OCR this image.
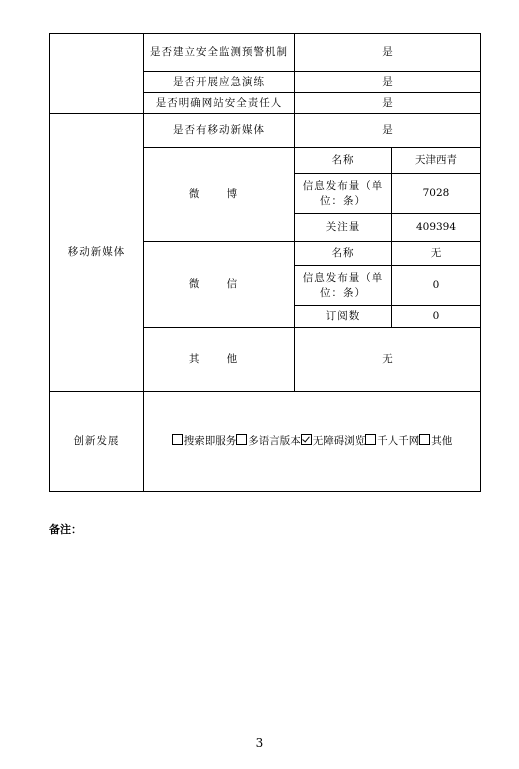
	是否建立安全监测预警机制	是	
	是否开展应急演练	是	
	是否明确网站安全责任人	是	
移动新媒体	是否有移动新媒体	是	
	微 博	名称	天津西青
		信息发布量（单位：条）	7028
		关注量	409394
	微 信	名称	无
		信息发布量（单位：条）	0
		订阅数	0
	其 他	无	
创新发展	搜索即服务 多语言版本 无障碍浏览 千人千网 其他		
备注：
3
